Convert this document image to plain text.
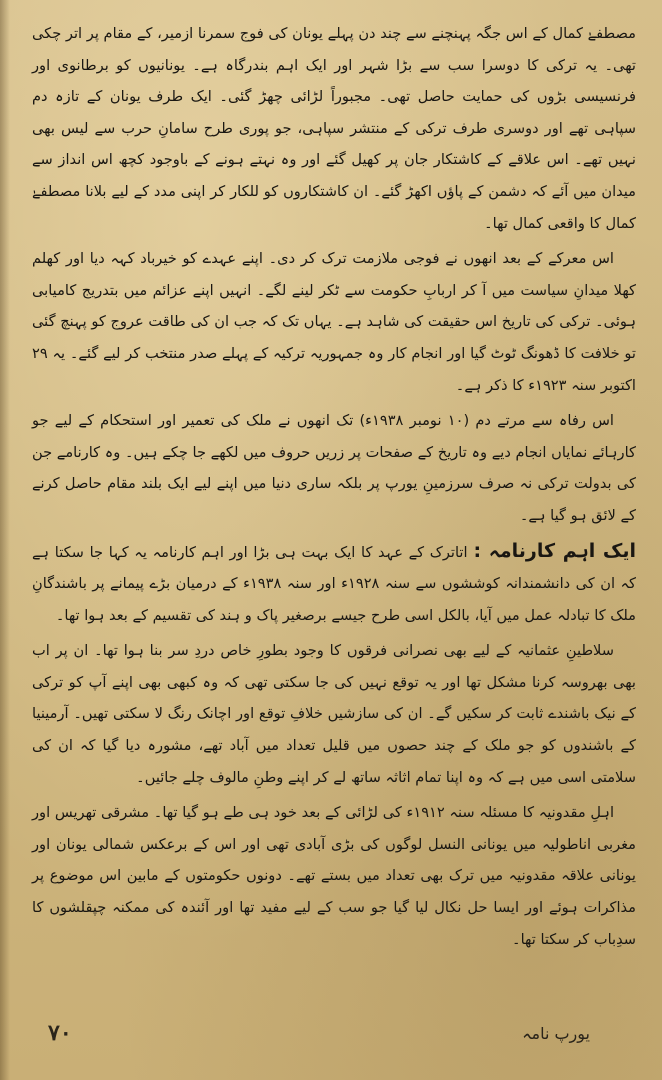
مصطفےٰ کمال کے اس جگہ پہنچنے سے چند دن پہلے یونان کی فوج سمرنا ازمیر، کے مقام پر اتر چکی تھی۔ یہ ترکی کا دوسرا سب سے بڑا شہر اور ایک اہم بندرگاہ ہے۔ یونانیوں کو برطانوی اور فرنسیسی بڑوں کی حمایت حاصل تھی۔ مجبوراً لڑائی چھڑ گئی۔ ایک طرف یونان کے تازہ دم سپاہی تھے اور دوسری طرف ترکی کے منتشر سپاہی، جو پوری طرح سامانِ حرب سے لیس بھی نہیں تھے۔ اس علاقے کے کاشتکار جان پر کھیل گئے اور وہ نہتے ہونے کے باوجود کچھ اس انداز سے میدان میں آئے کہ دشمن کے پاؤں اکھڑ گئے۔ ان کاشتکاروں کو للکار کر اپنی مدد کے لیے بلانا مصطفےٰ کمال کا واقعی کمال تھا۔

اس معرکے کے بعد انھوں نے فوجی ملازمت ترک کر دی۔ اپنے عہدے کو خیرباد کہہ دیا اور کھلم کھلا میدانِ سیاست میں آ کر اربابِ حکومت سے ٹکر لینے لگے۔ انہیں اپنے عزائم میں بتدریج کامیابی ہوئی۔ ترکی کی تاریخ اس حقیقت کی شاہد ہے۔ یہاں تک کہ جب ان کی طاقت عروج کو پہنچ گئی تو خلافت کا ڈھونگ ٹوٹ گیا اور انجام کار وہ جمہوریہ ترکیہ کے پہلے صدر منتخب کر لیے گئے۔ یہ ۲۹ اکتوبر سنہ ۱۹۲۳ء کا ذکر ہے۔

اس رفاہ سے مرتے دم (۱۰ نومبر ۱۹۳۸ء) تک انھوں نے ملک کی تعمیر اور استحکام کے لیے جو کارہائے نمایاں انجام دیے وہ تاریخ کے صفحات پر زریں حروف میں لکھے جا چکے ہیں۔ وہ کارنامے جن کی بدولت ترکی نہ صرف سرزمینِ یورپ پر بلکہ ساری دنیا میں اپنے لیے ایک بلند مقام حاصل کرنے کے لائق ہو گیا ہے۔

ایک اہم کارنامہ :اتاترک کے عہد کا ایک بہت ہی بڑا اور اہم کارنامہ یہ کہا جا سکتا ہے کہ ان کی دانشمندانہ کوششوں سے سنہ ۱۹۲۸ء اور سنہ ۱۹۳۸ء کے درمیان بڑے پیمانے پر باشندگانِ ملک کا تبادلہ عمل میں آیا، بالکل اسی طرح جیسے برصغیر پاک و ہند کی تقسیم کے بعد ہوا تھا۔

سلاطینِ عثمانیہ کے لیے بھی نصرانی فرقوں کا وجود بطورِ خاص دردِ سر بنا ہوا تھا۔ ان پر اب بھی بھروسہ کرنا مشکل تھا اور یہ توقع نہیں کی جا سکتی تھی کہ وہ کبھی بھی اپنے آپ کو ترکی کے نیک باشندے ثابت کر سکیں گے۔ ان کی سازشیں خلافِ توقع اور اچانک رنگ لا سکتی تھیں۔ آرمینیا کے باشندوں کو جو ملک کے چند حصوں میں قلیل تعداد میں آباد تھے، مشورہ دیا گیا کہ ان کی سلامتی اسی میں ہے کہ وہ اپنا تمام اثاثہ ساتھ لے کر اپنے وطنِ مالوف چلے جائیں۔

اہلِ مقدونیہ کا مسئلہ سنہ ۱۹۱۲ء کی لڑائی کے بعد خود ہی طے ہو گیا تھا۔ مشرقی تھریس اور مغربی اناطولیہ میں یونانی النسل لوگوں کی بڑی آبادی تھی اور اس کے برعکس شمالی یونان اور یونانی علاقہ مقدونیہ میں ترک بھی تعداد میں بستے تھے۔ دونوں حکومتوں کے مابین اس موضوع پر مذاکرات ہوئے اور ایسا حل نکال لیا گیا جو سب کے لیے مفید تھا اور آئندہ کی ممکنہ چپقلشوں کا سدِباب کر سکتا تھا۔

۷۰	یورپ نامہ
